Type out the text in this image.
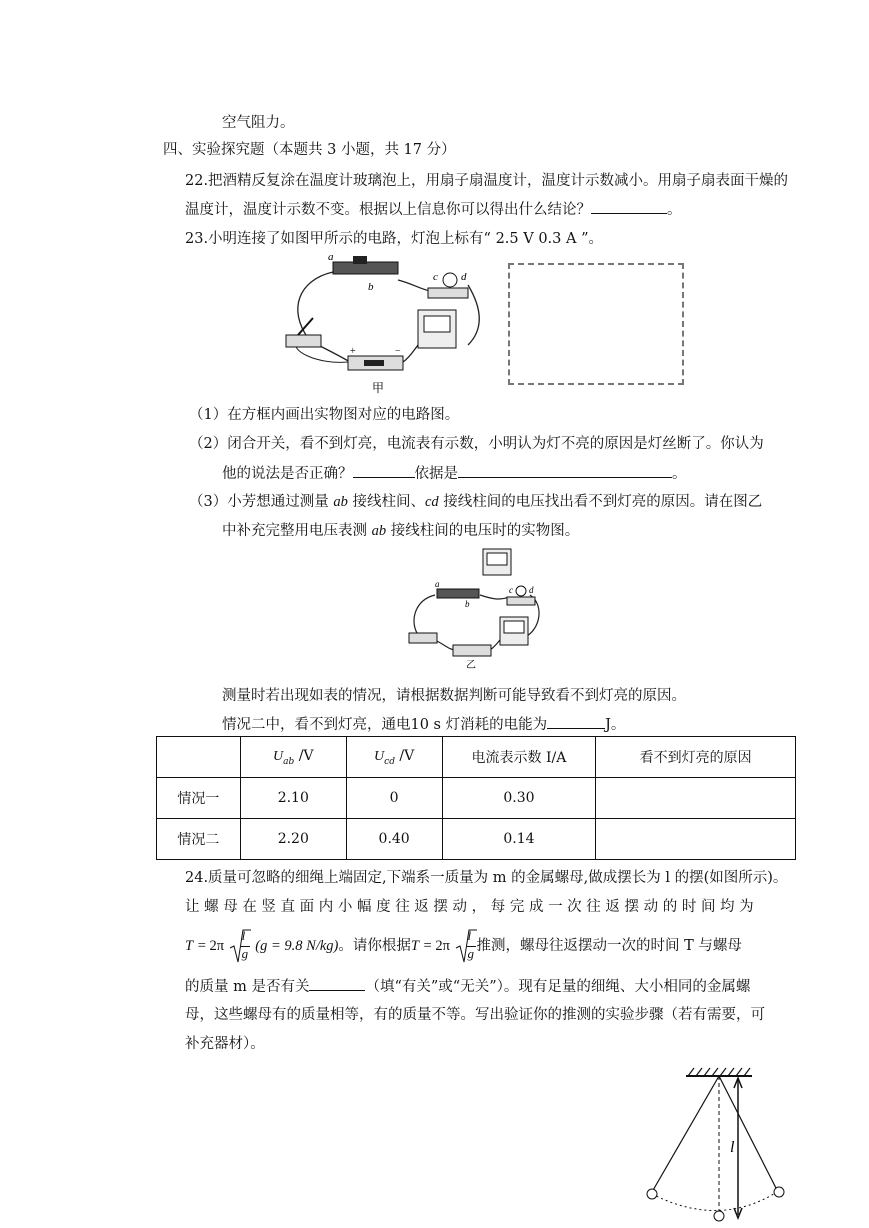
空气阻力。
四、实验探究题（本题共 3 小题，共 17 分）
22.把酒精反复涂在温度计玻璃泡上，用扇子扇温度计，温度计示数减小。用扇子扇表面干燥的
温度计，温度计示数不变。根据以上信息你可以得出什么结论？	。
23.小明连接了如图甲所示的电路，灯泡上标有“ 2.5 V 0.3 A ”。
a
b
c d
+	−
甲
（1）在方框内画出实物图对应的电路图。
（2）闭合开关，看不到灯亮，电流表有示数，小明认为灯不亮的原因是灯丝断了。你认为
他的说法是否正确？	依据是	。
（3）小芳想通过测量 ab 接线柱间、cd 接线柱间的电压找出看不到灯亮的原因。请在图乙
中补充完整用电压表测 ab 接线柱间的电压时的实物图。
a
b
c d
乙
测量时若出现如表的情况，请根据数据判断可能导致看不到灯亮的原因。
情况二中，看不到灯亮，通电10 s 灯消耗的电能为	J。
	$U_{ab}$ /V	$U_{cd}$ /V	电流表示数 I/A	看不到灯亮的原因
情况一	2.10	0	0.30	
情况二	2.20	0.40	0.14	
24.质量可忽略的细绳上端固定,下端系一质量为 m 的金属螺母,做成摆长为 l 的摆(如图所示)。
让 螺 母 在 竖 直 面 内 小 幅 度 往 返 摆 动 ， 每 完 成 一 次 往 返 摆 动 的 时 间 均 为
T = 2π
l
g (g = 9.8 N/kg)。请你根据T = 2π
l
g 推测，螺母往返摆动一次的时间 T 与螺母
的质量 m 是否有关	（填“有关”或“无关”）。现有足量的细绳、大小相同的金属螺
母，这些螺母有的质量相等，有的质量不等。写出验证你的推测的实验步骤（若有需要，可
补充器材）。
l
